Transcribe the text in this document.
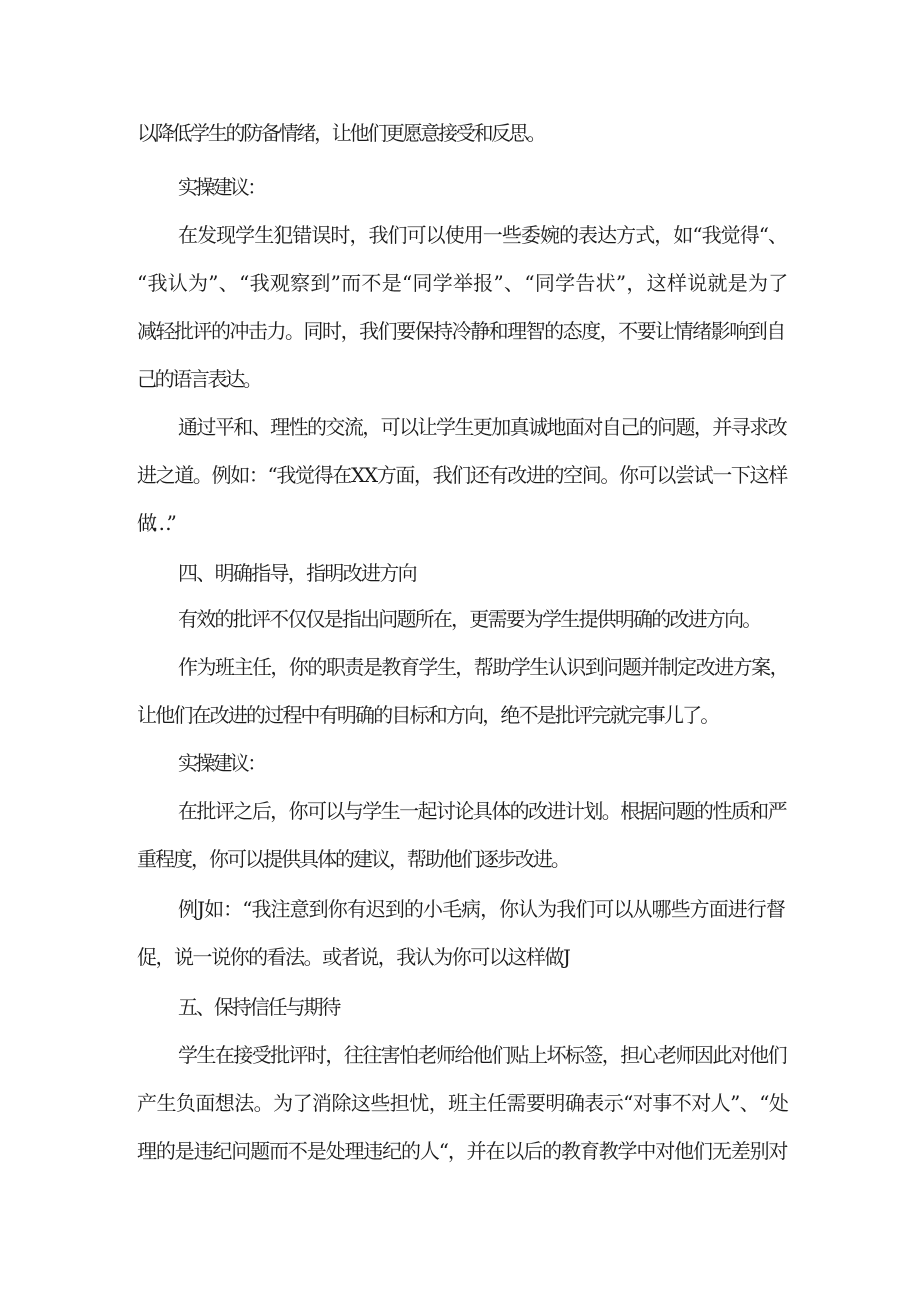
以降低学生的防备情绪，让他们更愿意接受和反思。
实操建议：
在发现学生犯错误时，我们可以使用一些委婉的表达方式，如“我觉得“、
“我认为”、“我观察到”而不是“同学举报”、“同学告状”，这样说就是为了
减轻批评的冲击力。同时，我们要保持冷静和理智的态度，不要让情绪影响到自
己的语言表达。
通过平和、理性的交流，可以让学生更加真诚地面对自己的问题，并寻求改
进之道。例如：“我觉得在XX方面，我们还有改进的空间。你可以尝试一下这样
做…”
四、明确指导，指明改进方向
有效的批评不仅仅是指出问题所在，更需要为学生提供明确的改进方向。
作为班主任，你的职责是教育学生，帮助学生认识到问题并制定改进方案，
让他们在改进的过程中有明确的目标和方向，绝不是批评完就完事儿了。
实操建议：
在批评之后，你可以与学生一起讨论具体的改进计划。根据问题的性质和严
重程度，你可以提供具体的建议，帮助他们逐步改进。
例J如：“我注意到你有迟到的小毛病，你认为我们可以从哪些方面进行督
促，说一说你的看法。或者说，我认为你可以这样做J
五、保持信任与期待
学生在接受批评时，往往害怕老师给他们贴上坏标签，担心老师因此对他们
产生负面想法。为了消除这些担忧，班主任需要明确表示“对事不对人”、“处
理的是违纪问题而不是处理违纪的人“，并在以后的教育教学中对他们无差别对
